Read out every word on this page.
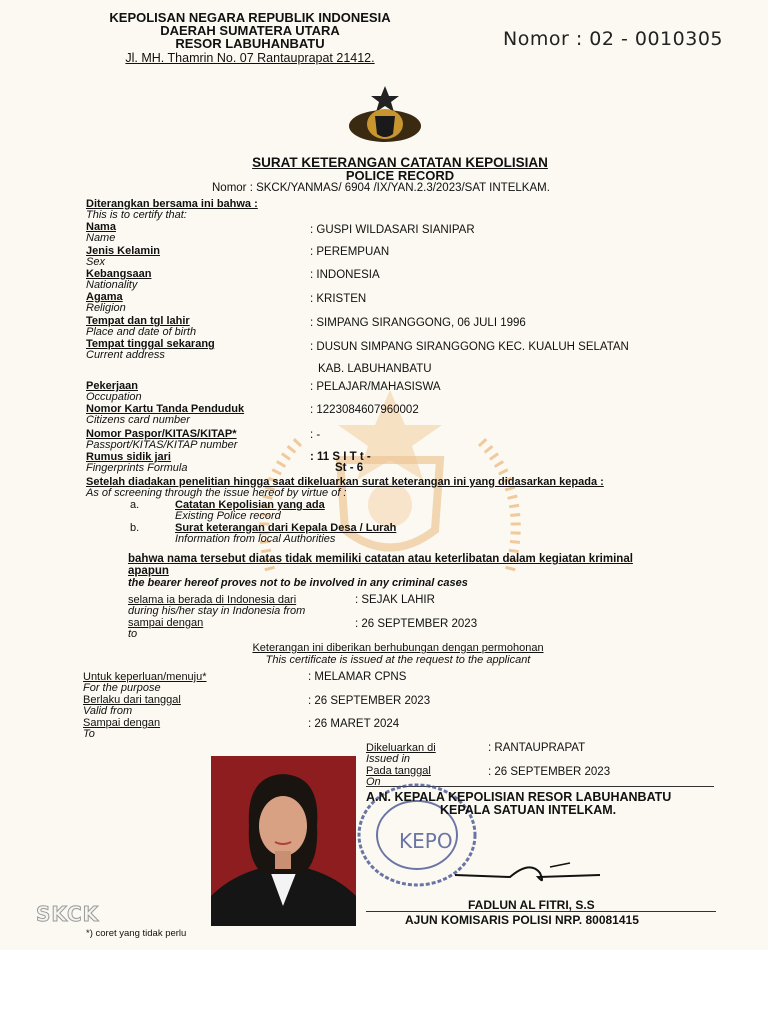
KEPOLISAN NEGARA REPUBLIK INDONESIA
DAERAH SUMATERA UTARA
RESOR LABUHANBATU
Jl. MH. Thamrin No. 07 Rantauprapat 21412.
Nomor : 02 - 0010305
SURAT KETERANGAN CATATAN KEPOLISIAN
POLICE RECORD
Nomor : SKCK/YANMAS/ 6904 /IX/YAN.2.3/2023/SAT INTELKAM.
Diterangkan bersama ini bahwa :
This is to certify that:
Nama
Name
: GUSPI WILDASARI SIANIPAR
Jenis Kelamin
Sex
: PEREMPUAN
Kebangsaan
Nationality
: INDONESIA
Agama
Religion
: KRISTEN
Tempat dan tgl lahir
Place and date of birth
: SIMPANG SIRANGGONG, 06 JULI 1996
Tempat tinggal sekarang
Current address
: DUSUN SIMPANG SIRANGGONG KEC. KUALUH SELATAN
KAB. LABUHANBATU
Pekerjaan
Occupation
: PELAJAR/MAHASISWA
Nomor Kartu Tanda Penduduk
Citizens card number
: 1223084607960002
Nomor Paspor/KITAS/KITAP*
Passport/KITAS/KITAP number
: -
Rumus sidik jari
Fingerprints Formula
: 11 S I T t -
St - 6
Setelah diadakan penelitian hingga saat dikeluarkan surat keterangan ini yang didasarkan kepada :
As of screening through the issue hereof by virtue of :
a.	Catatan Kepolisian yang ada
Existing Police record
b.	Surat keterangan dari Kepala Desa / Lurah
Information from local Authorities
bahwa nama tersebut diatas tidak memiliki catatan atau keterlibatan dalam kegiatan kriminal
apapun
the bearer hereof proves not to be involved in any criminal cases
selama ia berada di Indonesia dari
during his/her stay in Indonesia from
sampai dengan
to
: SEJAK LAHIR
: 26 SEPTEMBER 2023
Keterangan ini diberikan berhubungan dengan permohonan
This certificate is issued at the request to the applicant
Untuk keperluan/menuju*
For the purpose
: MELAMAR CPNS
Berlaku dari tanggal
Valid from
: 26 SEPTEMBER 2023
Sampai dengan
To
: 26 MARET 2024
Dikeluarkan di
Issued in
: RANTAUPRAPAT
Pada tanggal
On
: 26 SEPTEMBER 2023
KEPO
A.N. KEPALA KEPOLISIAN RESOR LABUHANBATU
KEPALA SATUAN INTELKAM.
FADLUN AL FITRI, S.S
AJUN KOMISARIS POLISI NRP. 80081415
SKCK
*) coret yang tidak perlu
